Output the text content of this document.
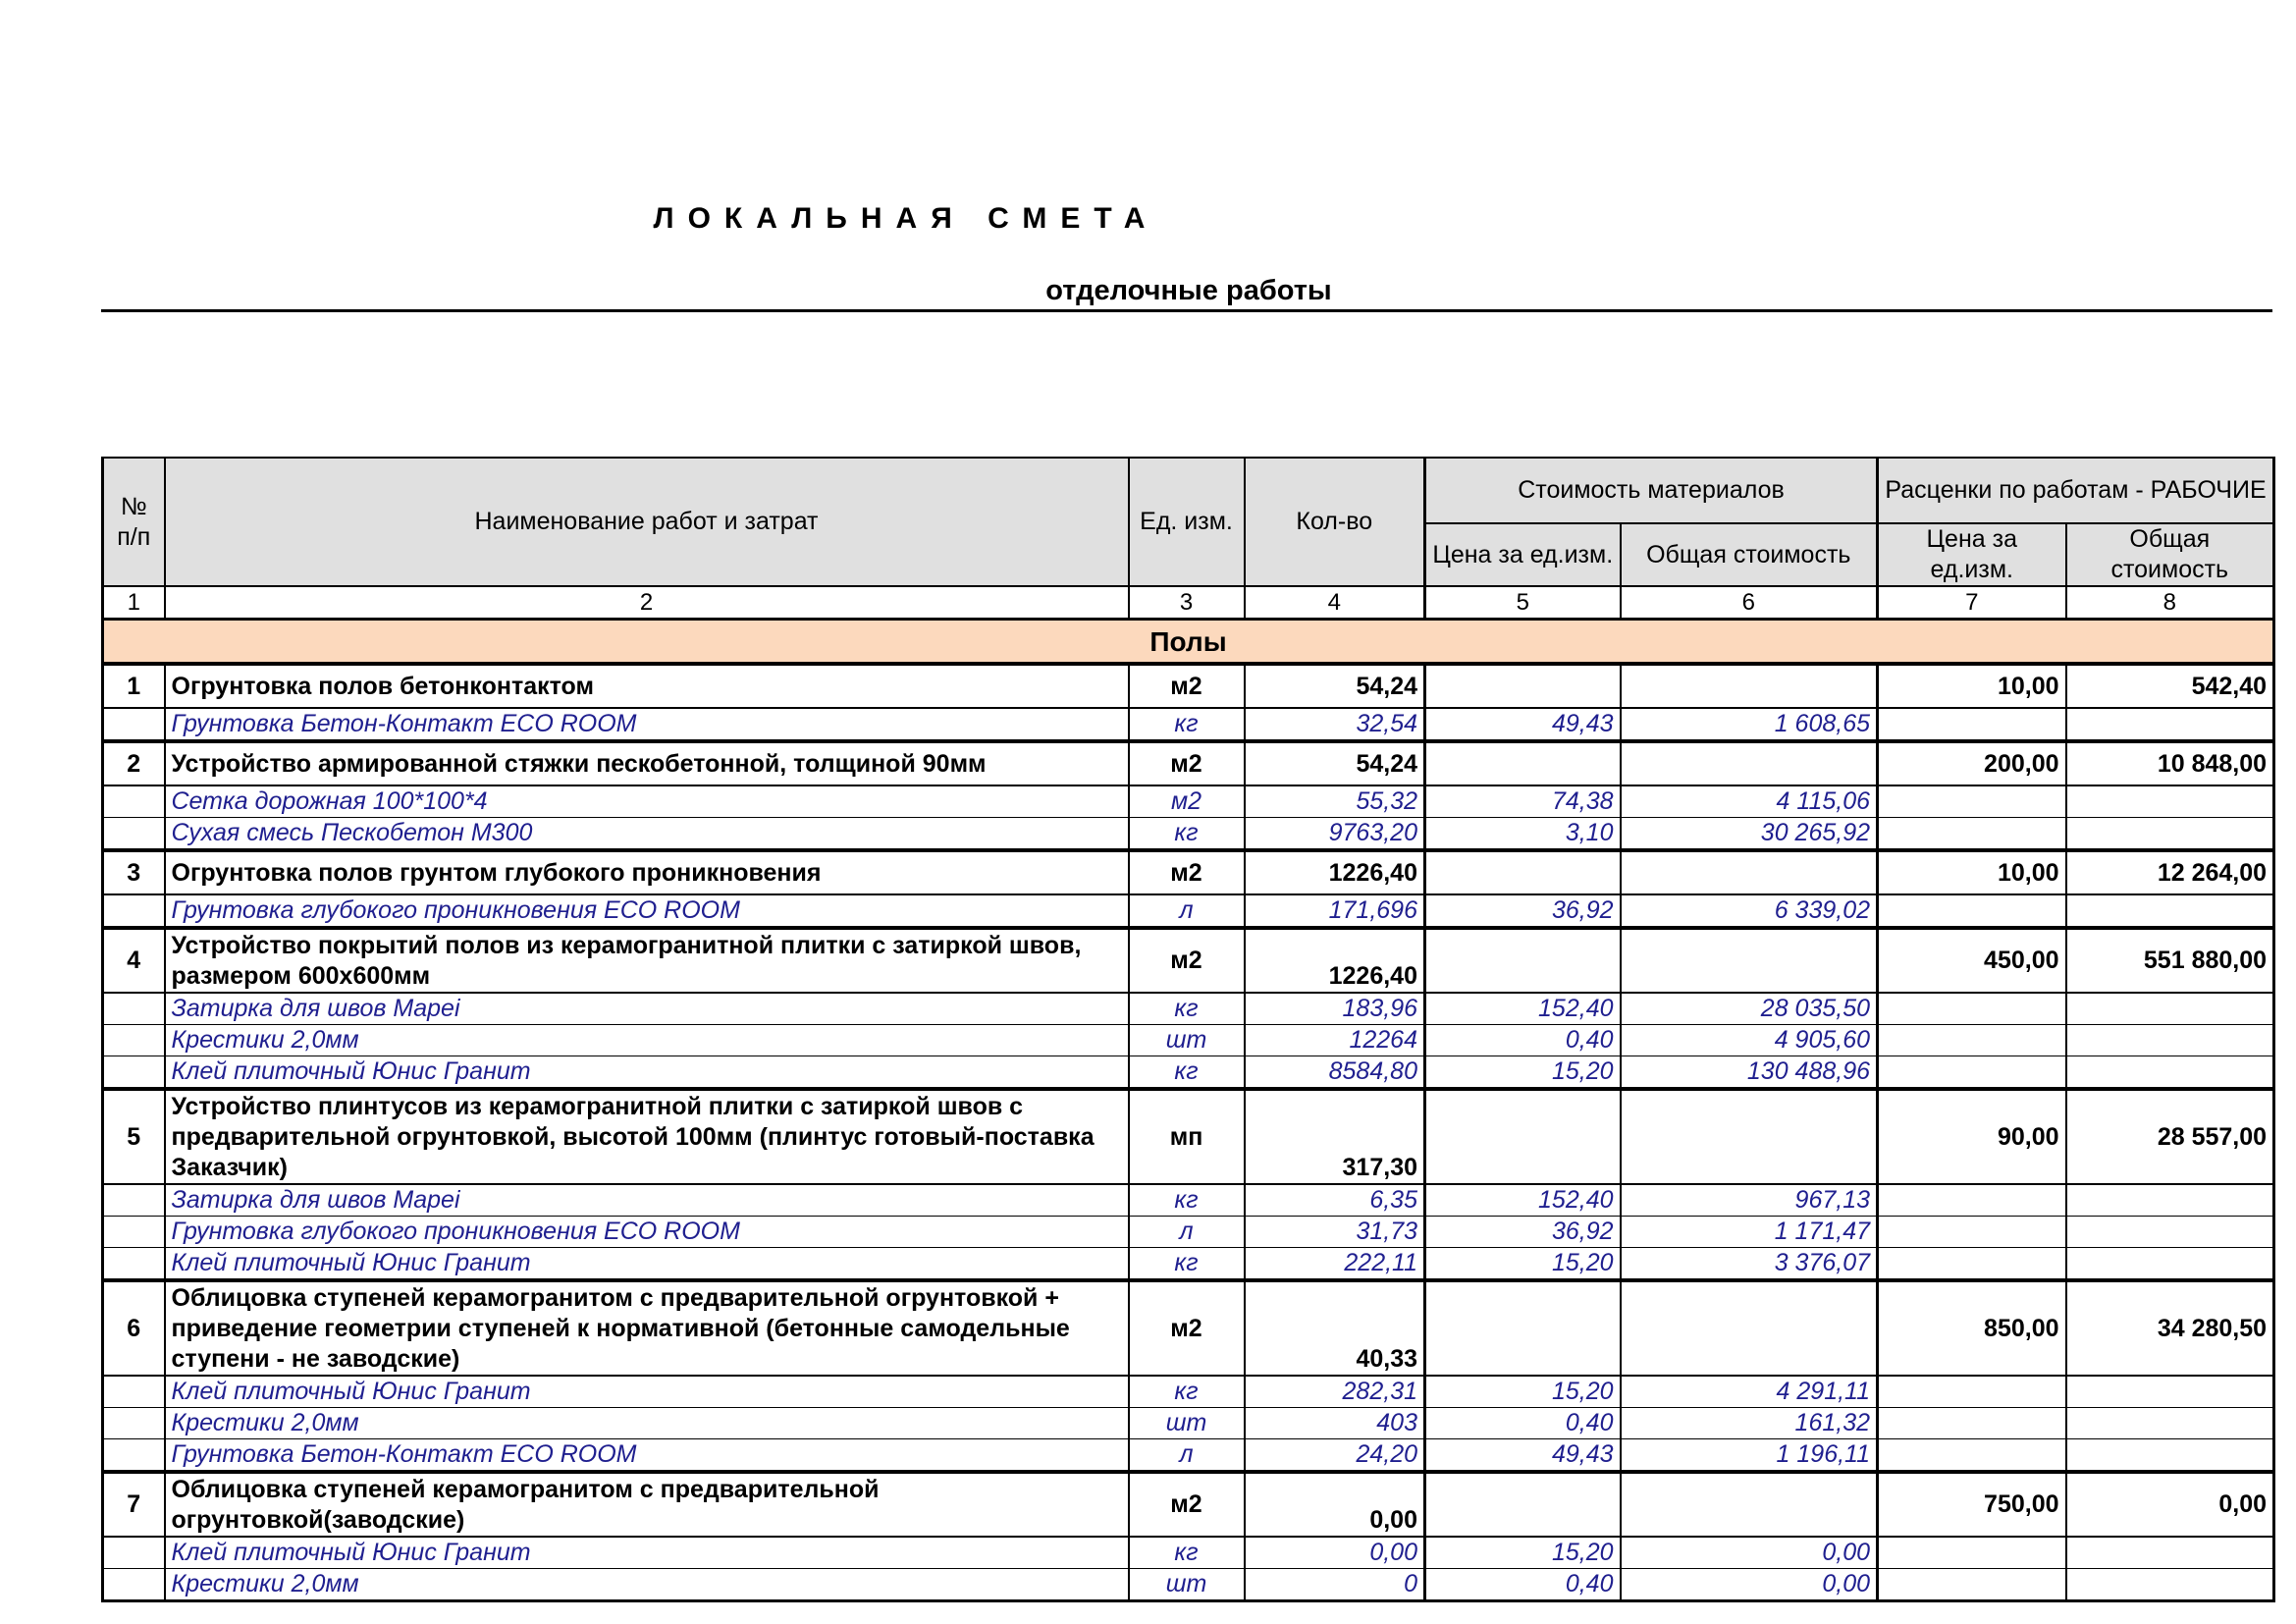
ЛОКАЛЬНАЯ СМЕТА
отделочные работы
№ п/п	Наименование работ и затрат	Ед. изм.	Кол-во	Стоимость материалов		Расценки по работам - РАБОЧИЕ	
				Цена за ед.изм.	Общая стоимость	Цена за ед.изм.	Общая стоимость
1	2	3	4	5	6	7	8
Полы							
1	Огрунтовка полов бетонконтактом	м2	54,24			10,00	542,40
	Грунтовка Бетон-Контакт ECO ROOM	кг	32,54	49,43	1 608,65		
2	Устройство армированной стяжки пескобетонной, толщиной 90мм	м2	54,24			200,00	10 848,00
	Сетка дорожная 100*100*4	м2	55,32	74,38	4 115,06		
	Сухая смесь Пескобетон М300	кг	9763,20	3,10	30 265,92		
3	Огрунтовка полов грунтом глубокого проникновения	м2	1226,40			10,00	12 264,00
	Грунтовка глубокого проникновения ECO ROOM	л	171,696	36,92	6 339,02		
4	Устройство покрытий полов из керамогранитной плитки с затиркой швов, размером 600х600мм	м2	1226,40			450,00	551 880,00
	Затирка для швов Mapei	кг	183,96	152,40	28 035,50		
	Крестики 2,0мм	шт	12264	0,40	4 905,60		
	Клей плиточный Юнис Гранит	кг	8584,80	15,20	130 488,96		
5	Устройство плинтусов из керамогранитной плитки с затиркой швов с предварительной огрунтовкой, высотой 100мм (плинтус готовый-поставка Заказчик)	мп	317,30			90,00	28 557,00
	Затирка для швов Mapei	кг	6,35	152,40	967,13		
	Грунтовка глубокого проникновения ECO ROOM	л	31,73	36,92	1 171,47		
	Клей плиточный Юнис Гранит	кг	222,11	15,20	3 376,07		
6	Облицовка ступеней керамогранитом с предварительной огрунтовкой + приведение геометрии ступеней к нормативной (бетонные самодельные ступени - не заводские)	м2	40,33			850,00	34 280,50
	Клей плиточный Юнис Гранит	кг	282,31	15,20	4 291,11		
	Крестики 2,0мм	шт	403	0,40	161,32		
	Грунтовка Бетон-Контакт ECO ROOM	л	24,20	49,43	1 196,11		
7	Облицовка ступеней керамогранитом с предварительной огрунтовкой(заводские)	м2	0,00			750,00	0,00
	Клей плиточный Юнис Гранит	кг	0,00	15,20	0,00		
	Крестики 2,0мм	шт	0	0,40	0,00		
